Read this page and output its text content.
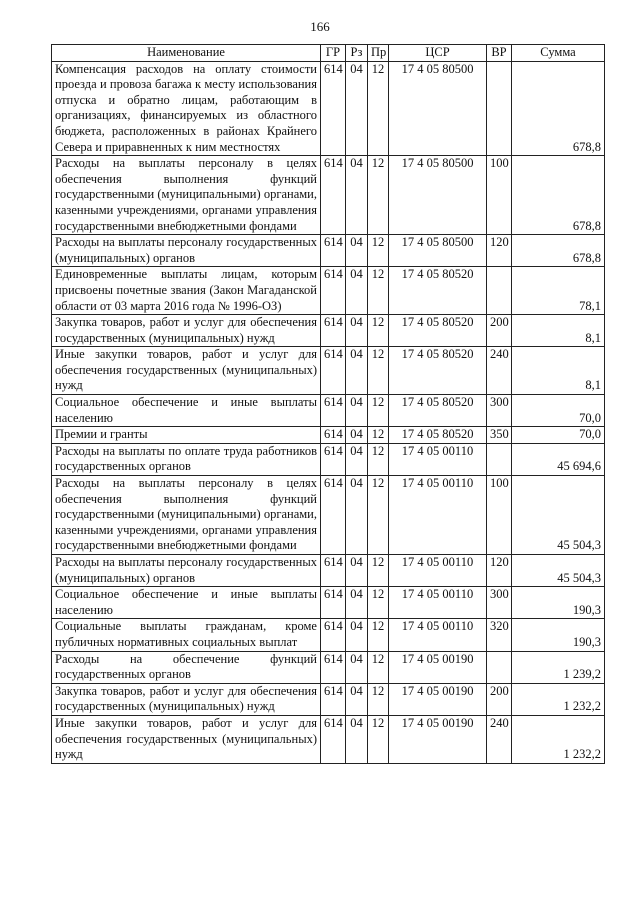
166
Наименование	ГР	Рз	Пр	ЦСР	ВР	Сумма
Компенсация расходов на оплату стоимости проезда и провоза багажа к месту использования отпуска и обратно лицам, работающим в организациях, финансируемых из областного бюджета, расположенных в районах Крайнего Севера и приравненных к ним местностях	614	04	12	17 4 05 80500		678,8
Расходы на выплаты персоналу в целях обеспечения выполнения функций государственными (муниципальными) органами, казенными учреждениями, органами управления государственными внебюджетными фондами	614	04	12	17 4 05 80500	100	678,8
Расходы на выплаты персоналу государственных (муниципальных) органов	614	04	12	17 4 05 80500	120	678,8
Единовременные выплаты лицам, которым присвоены почетные звания (Закон Магаданской области от 03 марта 2016 года № 1996-ОЗ)	614	04	12	17 4 05 80520		78,1
Закупка товаров, работ и услуг для обеспечения государственных (муниципальных) нужд	614	04	12	17 4 05 80520	200	8,1
Иные закупки товаров, работ и услуг для обеспечения государственных (муниципальных) нужд	614	04	12	17 4 05 80520	240	8,1
Социальное обеспечение и иные выплаты населению	614	04	12	17 4 05 80520	300	70,0
Премии и гранты	614	04	12	17 4 05 80520	350	70,0
Расходы на выплаты по оплате труда работников государственных органов	614	04	12	17 4 05 00110		45 694,6
Расходы на выплаты персоналу в целях обеспечения выполнения функций государственными (муниципальными) органами, казенными учреждениями, органами управления государственными внебюджетными фондами	614	04	12	17 4 05 00110	100	45 504,3
Расходы на выплаты персоналу государственных (муниципальных) органов	614	04	12	17 4 05 00110	120	45 504,3
Социальное обеспечение и иные выплаты населению	614	04	12	17 4 05 00110	300	190,3
Социальные выплаты гражданам, кроме публичных нормативных социальных выплат	614	04	12	17 4 05 00110	320	190,3
Расходы на обеспечение функций государственных органов	614	04	12	17 4 05 00190		1 239,2
Закупка товаров, работ и услуг для обеспечения государственных (муниципальных) нужд	614	04	12	17 4 05 00190	200	1 232,2
Иные закупки товаров, работ и услуг для обеспечения государственных (муниципальных) нужд	614	04	12	17 4 05 00190	240	1 232,2
